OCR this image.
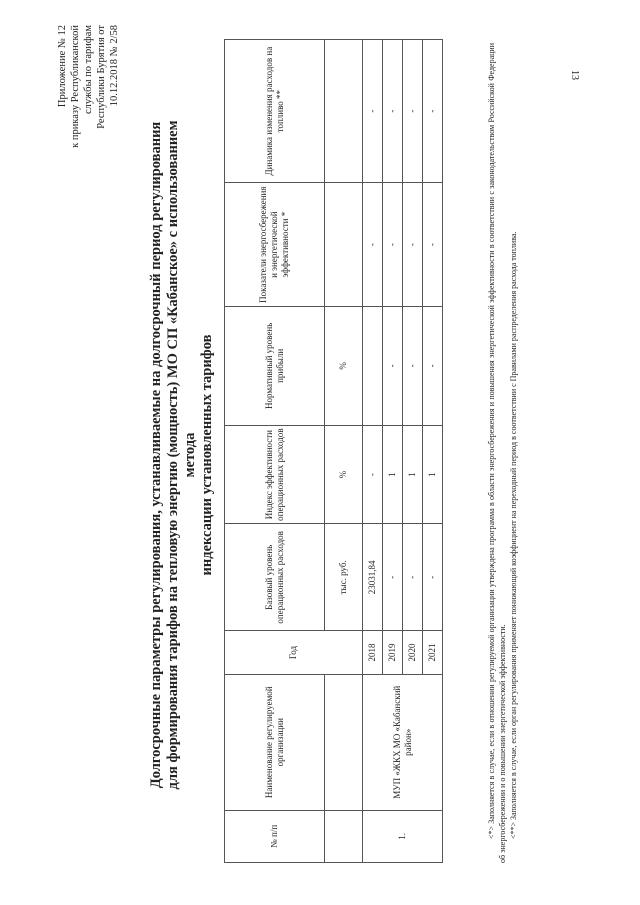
13
Приложение № 12 к приказу Республиканской службы по тарифам Республики Бурятия от 10.12.2018 № 2/58
Долгосрочные параметры регулирования, устанавливаемые на долгосрочный период регулирования для формирования тарифов на тепловую энергию (мощность) МО СП «Кабанское» с использованием метода индексации установленных тарифов
№ п/п	Наименование регулируемой организации	Год	Базовый уровень операционных расходов	Индекс эффективности операционных расходов	Нормативный уровень прибыли	Показатели энергосбережения и энергетической эффективности *	Динамика изменения расходов на топливо **
			тыс. руб.	%	%		
1.	МУП «ЖКХ МО «Кабанский район»	2018	23031,84	-		-	-
		2019	-	1	-	-	-
		2020	-	1	-	-	-
		2021	-	1	-	-	-	<*> Заполняется в случае, если в отношении регулируемой организации утверждена программа в области энергосбережения и повышения энергетической эффективности в соответствии с законодательством Российской Федерации об энергосбережении и о повышении энергетической эффективности. <**> Заполняется в случае, если орган регулирования применяет понижающий коэффициент на переходный период в соответствии с Правилами распределения расхода топлива.
